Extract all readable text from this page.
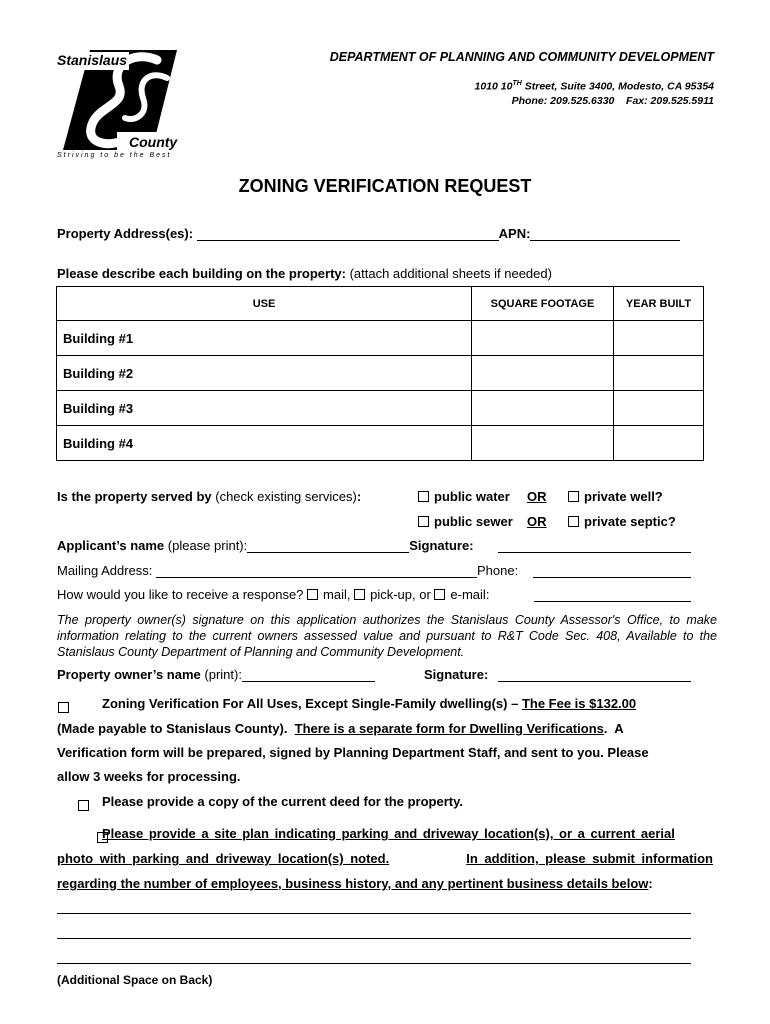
Stanislaus
County
Striving to be the Best
DEPARTMENT OF PLANNING AND COMMUNITY DEVELOPMENT
1010 10TH Street, Suite 3400, Modesto, CA 95354
Phone: 209.525.6330    Fax: 209.525.5911
ZONING VERIFICATION REQUEST
Property Address(es):	APN:
Please describe each building on the property: (attach additional sheets if needed)
USE	SQUARE FOOTAGE	YEAR BUILT
Building #1		
Building #2		
Building #3		
Building #4		
Is the property served by (check existing services):	public water OR	private well?
public sewer OR	private septic?
Applicant’s name (please print):	Signature:
Mailing Address:	Phone:
How would you like to receive a response? mail, pick-up, or e-mail:
The property owner(s) signature on this application authorizes the Stanislaus County Assessor's Office, to make information relating to the current owners assessed value and pursuant to R&T Code Sec. 408, Available to the Stanislaus County Department of Planning and Community Development.
Property owner’s name (print):	Signature:

Zoning Verification For All Uses, Except Single-Family dwelling(s) – The Fee is $132.00
(Made payable to Stanislaus County).  There is a separate form for Dwelling Verifications.  A
Verification form will be prepared, signed by Planning Department Staff, and sent to you. Please
allow 3 weeks for processing.

Please provide a copy of the current deed for the property.
Please provide a site plan indicating parking and driveway location(s), or a current aerial
photo with parking and driveway location(s) noted.	In addition, please submit information
regarding the number of employees, business history, and any pertinent business details below:
(Additional Space on Back)
